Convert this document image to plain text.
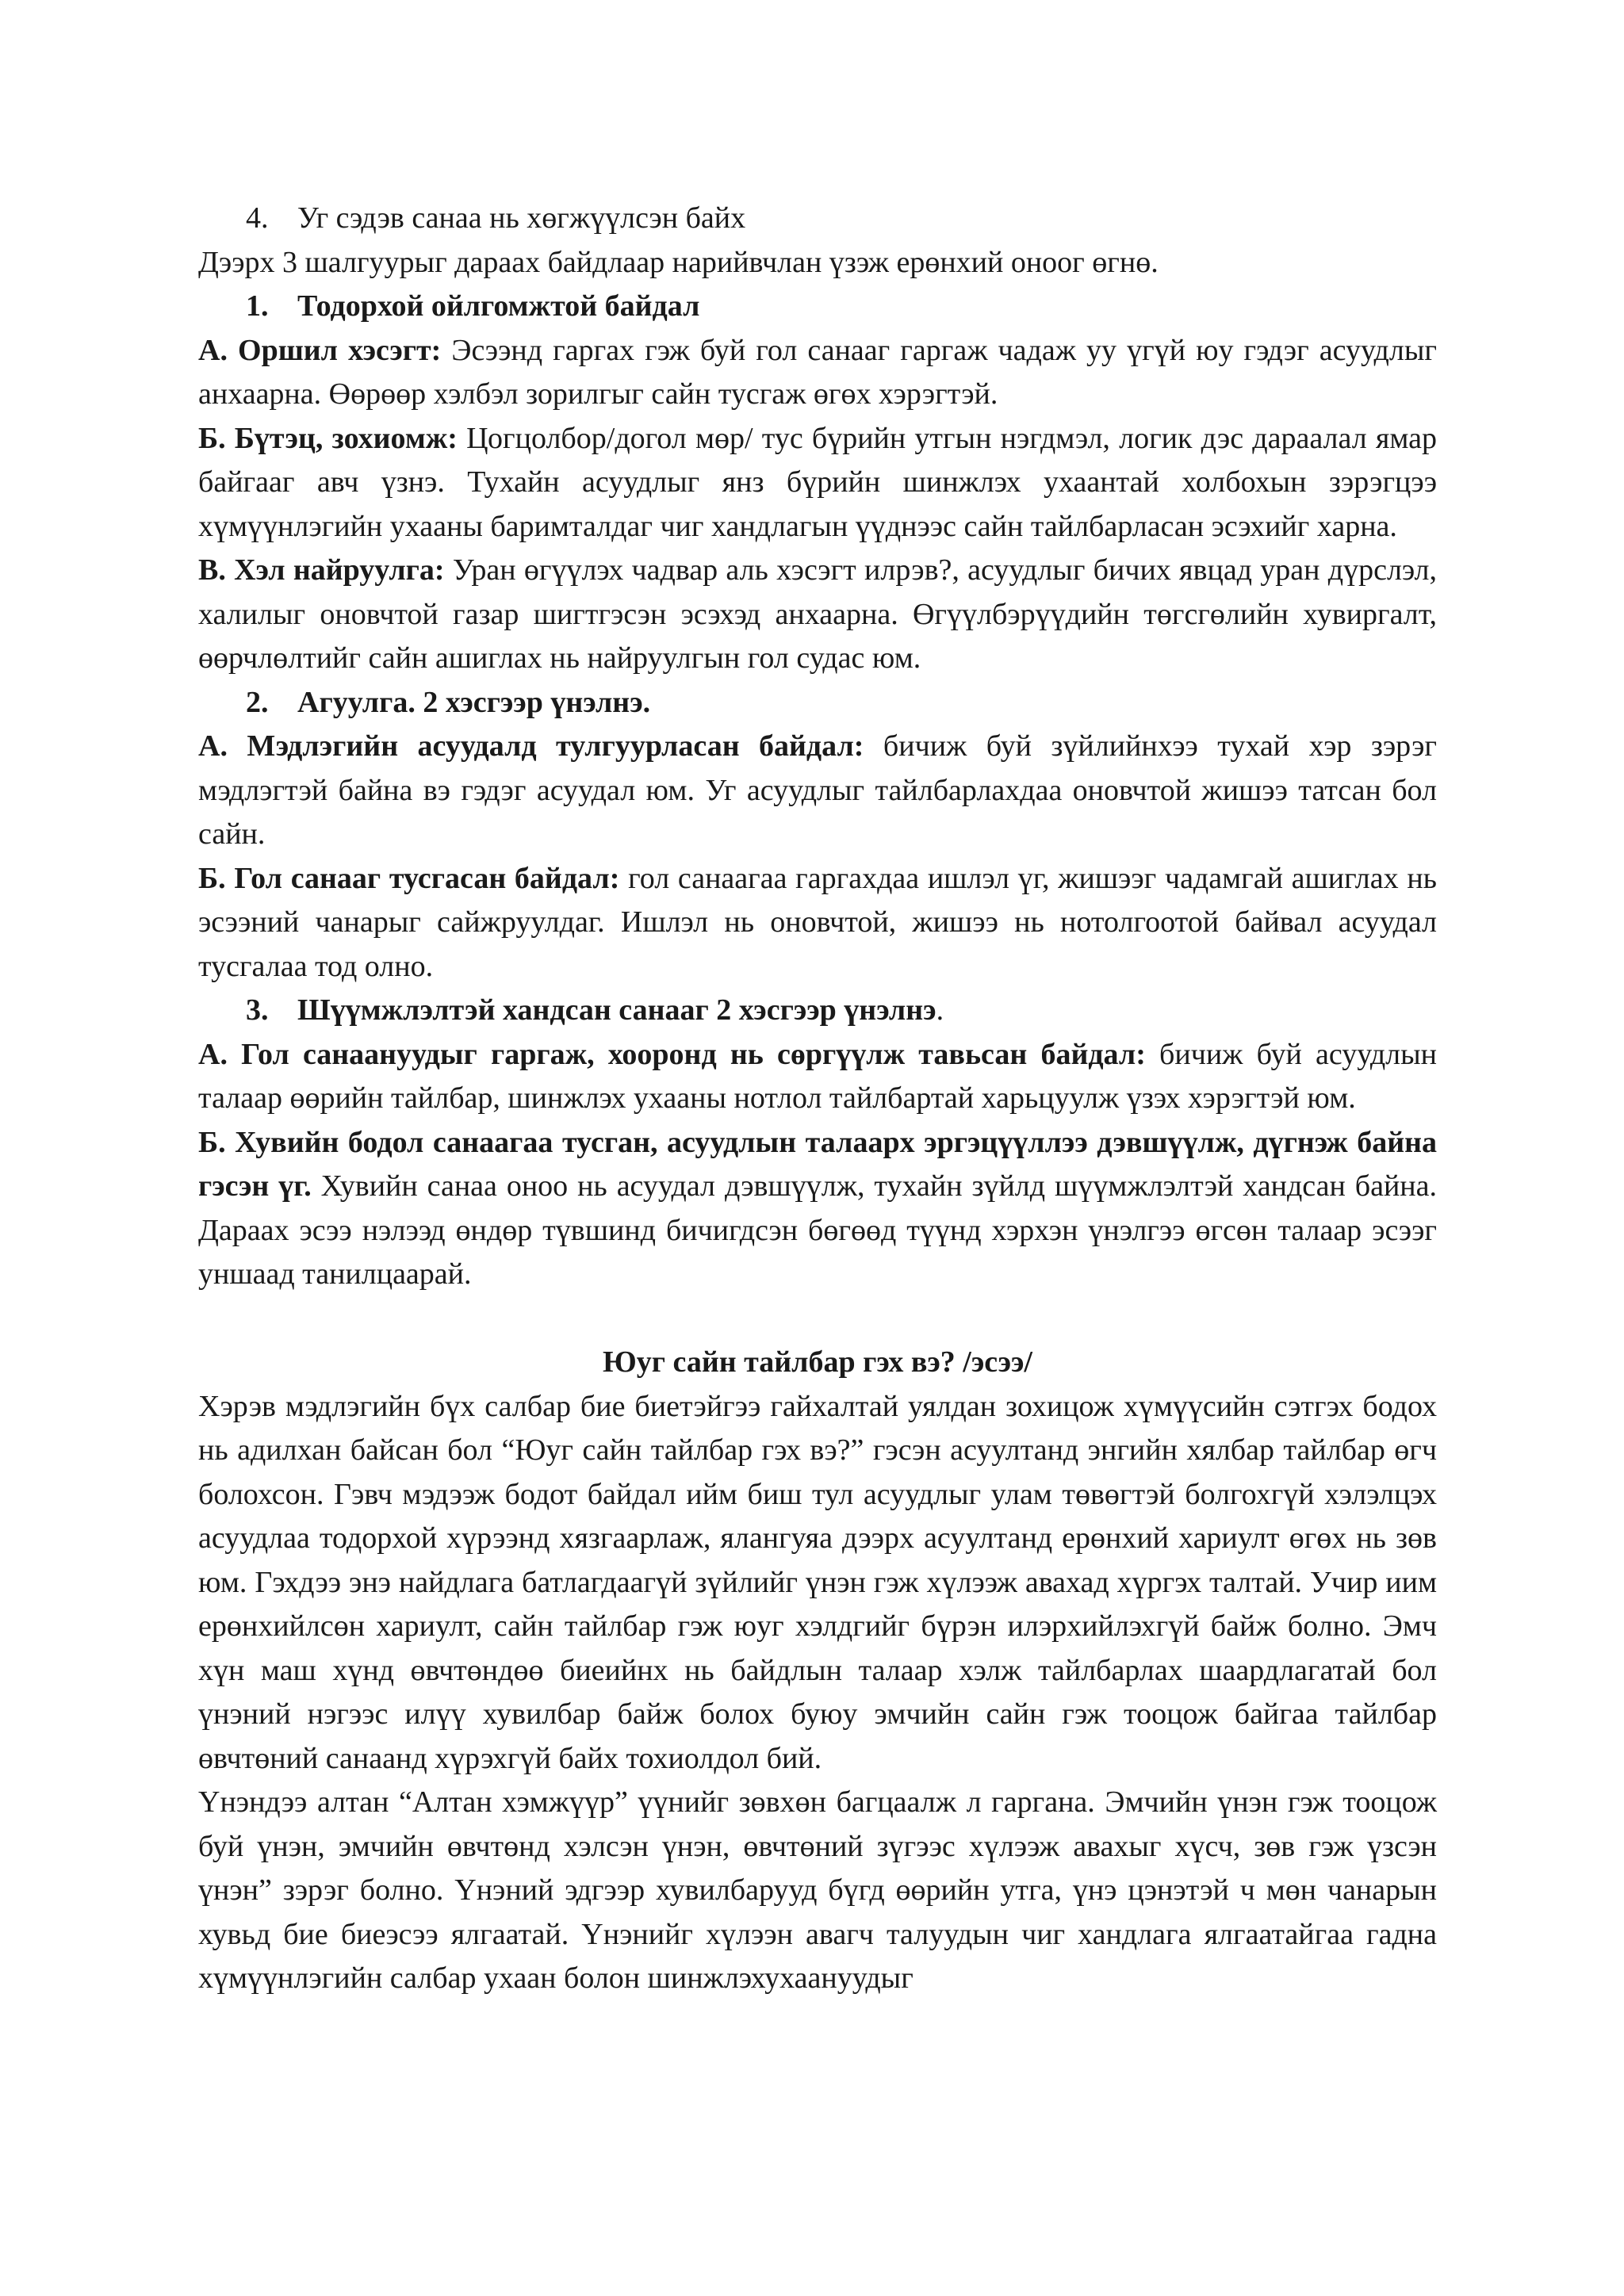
4. Уг сэдэв санаа нь хөгжүүлсэн байх

Дээрх 3 шалгуурыг дараах байдлаар нарийвчлан үзэж ерөнхий оноог өгнө.

1. Тодорхой ойлгомжтой байдал

А. Оршил хэсэгт: Эсээнд гаргах гэж буй гол санааг гаргаж чадаж уу үгүй юу гэдэг асуудлыг анхаарна. Өөрөөр хэлбэл зорилгыг сайн тусгаж өгөх хэрэгтэй.

Б. Бүтэц, зохиомж: Цогцолбор/догол мөр/ тус бүрийн утгын нэгдмэл, логик дэс дараалал ямар байгааг авч үзнэ. Тухайн асуудлыг янз бүрийн шинжлэх ухаантай холбохын зэрэгцээ хүмүүнлэгийн ухааны баримталдаг чиг хандлагын үүднээс сайн тайлбарласан эсэхийг харна.

В. Хэл найруулга: Уран өгүүлэх чадвар аль хэсэгт илрэв?, асуудлыг бичих явцад уран дүрслэл, халилыг оновчтой газар шигтгэсэн эсэхэд анхаарна. Өгүүлбэрүүдийн төгсгөлийн хувиргалт, өөрчлөлтийг сайн ашиглах нь найруулгын гол судас юм.

2. Агуулга. 2 хэсгээр үнэлнэ.

А. Мэдлэгийн асуудалд тулгуурласан байдал: бичиж буй зүйлийнхээ тухай хэр зэрэг мэдлэгтэй байна вэ гэдэг асуудал юм. Уг асуудлыг тайлбарлахдаа оновчтой жишээ татсан бол сайн.

Б. Гол санааг тусгасан байдал: гол санаагаа гаргахдаа ишлэл үг, жишээг чадамгай ашиглах нь эсээний чанарыг сайжруулдаг. Ишлэл нь оновчтой, жишээ нь нотолгоотой байвал асуудал тусгалаа тод олно.

3. Шүүмжлэлтэй хандсан санааг 2 хэсгээр үнэлнэ.

А. Гол санаануудыг гаргаж, хооронд нь сөргүүлж тавьсан байдал: бичиж буй асуудлын талаар өөрийн тайлбар, шинжлэх ухааны нотлол тайлбартай харьцуулж үзэх хэрэгтэй юм.

Б. Хувийн бодол санаагаа тусган, асуудлын талаарх эргэцүүллээ дэвшүүлж, дүгнэж байна гэсэн үг. Хувийн санаа оноо нь асуудал дэвшүүлж, тухайн зүйлд шүүмжлэлтэй хандсан байна. Дараах эсээ нэлээд өндөр түвшинд бичигдсэн бөгөөд түүнд хэрхэн үнэлгээ өгсөн талаар эсээг уншаад танилцаарай.

Юуг сайн тайлбар гэх вэ? /эсээ/

Хэрэв мэдлэгийн бүх салбар бие биетэйгээ гайхалтай уялдан зохицож хүмүүсийн сэтгэх бодох нь адилхан байсан бол “Юуг сайн тайлбар гэх вэ?” гэсэн асуултанд энгийн хялбар тайлбар өгч болохсон. Гэвч мэдээж бодот байдал ийм биш тул асуудлыг улам төвөгтэй болгохгүй хэлэлцэх асуудлаа тодорхой хүрээнд хязгаарлаж, ялангуяа дээрх асуултанд ерөнхий хариулт өгөх нь зөв юм. Гэхдээ энэ найдлага батлагдаагүй зүйлийг үнэн гэж хүлээж авахад хүргэх талтай. Учир иим ерөнхийлсөн хариулт, сайн тайлбар гэж юуг хэлдгийг бүрэн илэрхийлэхгүй байж болно. Эмч хүн маш хүнд өвчтөндөө биеийнх нь байдлын талаар хэлж тайлбарлах шаардлагатай бол үнэний нэгээс илүү хувилбар байж болох буюу эмчийн сайн гэж тооцож байгаа тайлбар өвчтөний санаанд хүрэхгүй байх тохиолдол бий.

Үнэндээ алтан “Алтан хэмжүүр” үүнийг зөвхөн багцаалж л гаргана. Эмчийн үнэн гэж тооцож буй үнэн, эмчийн өвчтөнд хэлсэн үнэн, өвчтөний зүгээс хүлээж авахыг хүсч, зөв гэж үзсэн үнэн” зэрэг болно. Үнэний эдгээр хувилбарууд бүгд өөрийн утга, үнэ цэнэтэй ч мөн чанарын хувьд бие биеэсээ ялгаатай. Үнэнийг хүлээн авагч талуудын чиг хандлага ялгаатайгаа гадна хүмүүнлэгийн салбар ухаан болон шинжлэхухаануудыг
